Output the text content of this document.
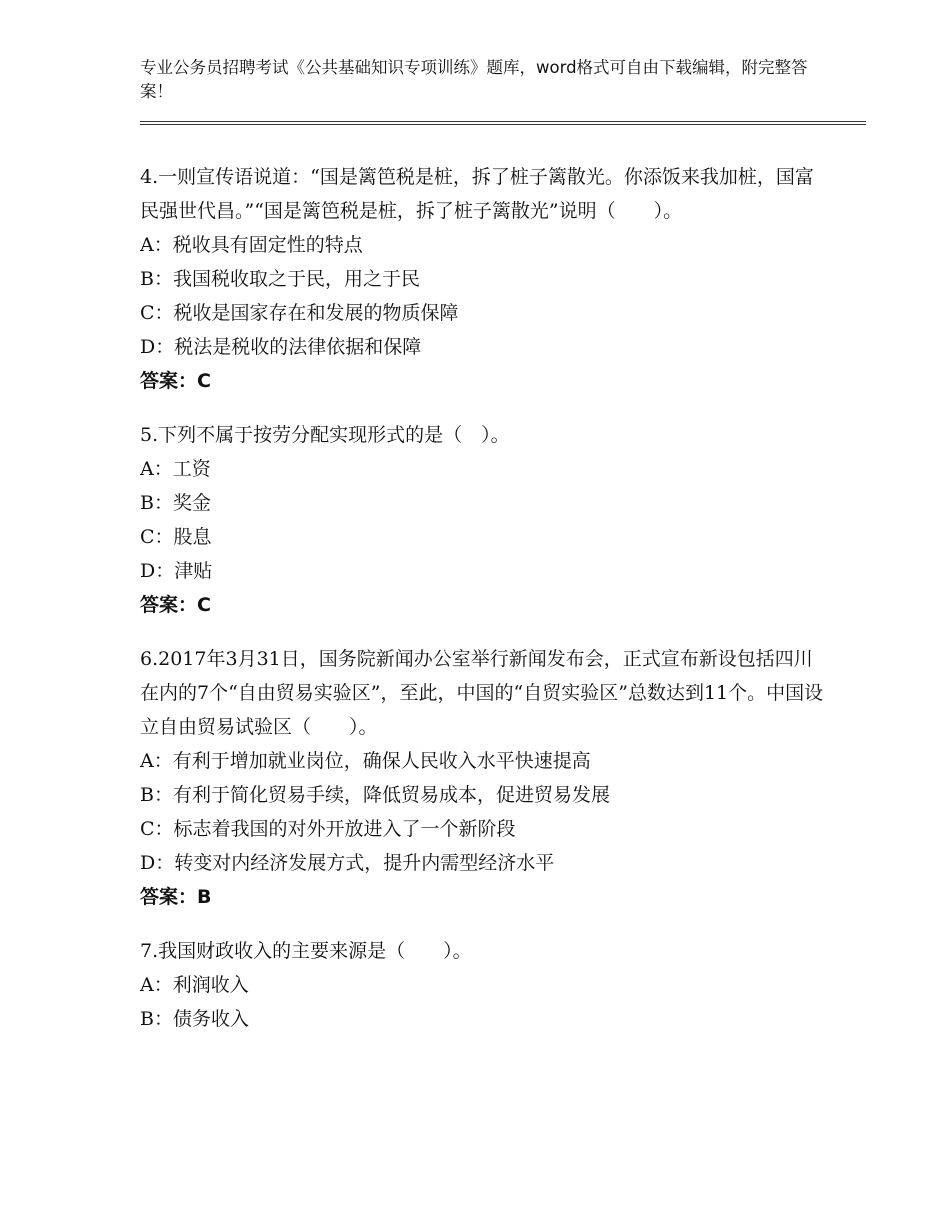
专业公务员招聘考试《公共基础知识专项训练》题库，word格式可自由下载编辑，附完整答案！
4.一则宣传语说道：“国是篱笆税是桩，拆了桩子篱散光。你添饭来我加桩，国富民强世代昌。”“国是篱笆税是桩，拆了桩子篱散光”说明（　　）。
A：税收具有固定性的特点
B：我国税收取之于民，用之于民
C：税收是国家存在和发展的物质保障
D：税法是税收的法律依据和保障
答案：C
5.下列不属于按劳分配实现形式的是（　）。
A：工资
B：奖金
C：股息
D：津贴
答案：C
6.2017年3月31日，国务院新闻办公室举行新闻发布会，正式宣布新设包括四川在内的7个“自由贸易实验区”，至此，中国的“自贸实验区”总数达到11个。中国设立自由贸易试验区（　　）。
A：有利于增加就业岗位，确保人民收入水平快速提高
B：有利于简化贸易手续，降低贸易成本，促进贸易发展
C：标志着我国的对外开放进入了一个新阶段
D：转变对内经济发展方式，提升内需型经济水平
答案：B
7.我国财政收入的主要来源是（　　）。
A：利润收入
B：债务收入
